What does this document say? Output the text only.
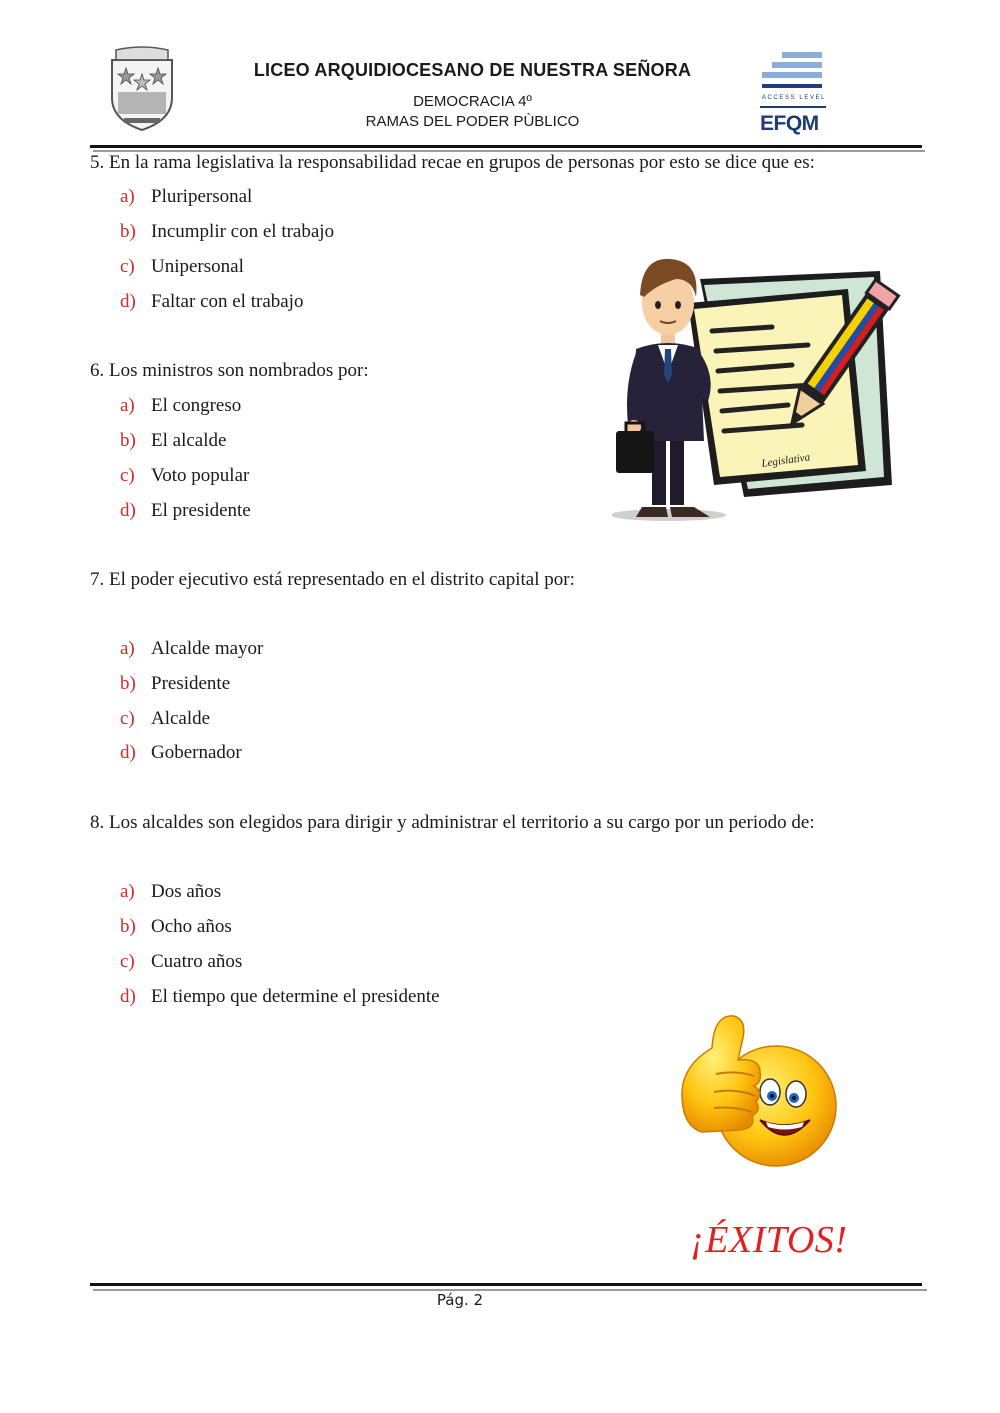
LICEO ARQUIDIOCESANO DE NUESTRA SEÑORA
DEMOCRACIA 4º
RAMAS DEL PODER PÙBLICO
ACCESS LEVEL
EFQM
5. En la rama legislativa la responsabilidad recae en grupos de personas por esto se dice que es:
a) Pluripersonal
b) Incumplir con el trabajo
c) Unipersonal
d) Faltar con el trabajo
6. Los ministros son nombrados por:
a) El congreso
b) El alcalde
c) Voto popular
d) El presidente
7. El poder ejecutivo está representado en el distrito capital por:
a) Alcalde mayor
b) Presidente
c) Alcalde
d) Gobernador
8. Los alcaldes son elegidos para dirigir y administrar el territorio a su cargo por un periodo de:
a) Dos años
b) Ocho años
c) Cuatro años
d) El tiempo que determine el presidente
Legislativa
¡ÉXITOS!
Pág. 2
